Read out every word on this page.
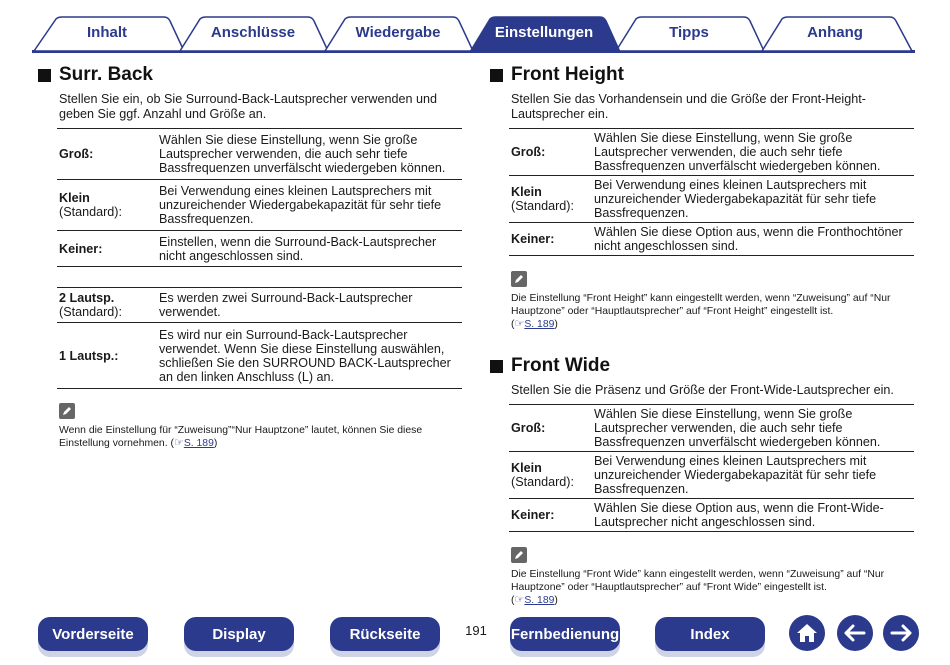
Inhalt	Anschlüsse	Wiedergabe	Einstellungen	Tipps	Anhang
Surr. Back
Stellen Sie ein, ob Sie Surround-Back-Lautsprecher verwenden und geben Sie ggf. Anzahl und Größe an.
Groß:	Wählen Sie diese Einstellung, wenn Sie große Lautsprecher verwenden, die auch sehr tiefe Bassfrequenzen unverfälscht wiedergeben können.
Klein
(Standard):	Bei Verwendung eines kleinen Lautsprechers mit unzureichender Wiedergabekapazität für sehr tiefe Bassfrequenzen.
Keiner:	Einstellen, wenn die Surround-Back-Lautsprecher nicht angeschlossen sind.
2 Lautsp.
(Standard):	Es werden zwei Surround-Back-Lautsprecher verwendet.
1 Lautsp.:	Es wird nur ein Surround-Back-Lautsprecher verwendet. Wenn Sie diese Einstellung auswählen, schließen Sie den SURROUND BACK-Lautsprecher an den linken Anschluss (L) an.
Wenn die Einstellung für “Zuweisung”“Nur Hauptzone” lautet, können Sie diese Einstellung vornehmen. (☞S. 189)
Front Height
Stellen Sie das Vorhandensein und die Größe der Front-Height-Lautsprecher ein.
Groß:	Wählen Sie diese Einstellung, wenn Sie große Lautsprecher verwenden, die auch sehr tiefe Bassfrequenzen unverfälscht wiedergeben können.
Klein
(Standard):	Bei Verwendung eines kleinen Lautsprechers mit unzureichender Wiedergabekapazität für sehr tiefe Bassfrequenzen.
Keiner:	Wählen Sie diese Option aus, wenn die Fronthochtöner nicht angeschlossen sind.
Die Einstellung “Front Height” kann eingestellt werden, wenn “Zuweisung” auf “Nur Hauptzone” oder “Hauptlautsprecher” auf “Front Height” eingestellt ist.
(☞S. 189)
Front Wide
Stellen Sie die Präsenz und Größe der Front-Wide-Lautsprecher ein.
Groß:	Wählen Sie diese Einstellung, wenn Sie große Lautsprecher verwenden, die auch sehr tiefe Bassfrequenzen unverfälscht wiedergeben können.
Klein
(Standard):	Bei Verwendung eines kleinen Lautsprechers mit unzureichender Wiedergabekapazität für sehr tiefe Bassfrequenzen.
Keiner:	Wählen Sie diese Option aus, wenn die Front-Wide-Lautsprecher nicht angeschlossen sind.
Die Einstellung “Front Wide” kann eingestellt werden, wenn “Zuweisung” auf “Nur Hauptzone” oder “Hauptlautsprecher” auf “Front Wide” eingestellt ist.
(☞S. 189)
Vorderseite	Display	Rückseite	191 Fernbedienung	Index
